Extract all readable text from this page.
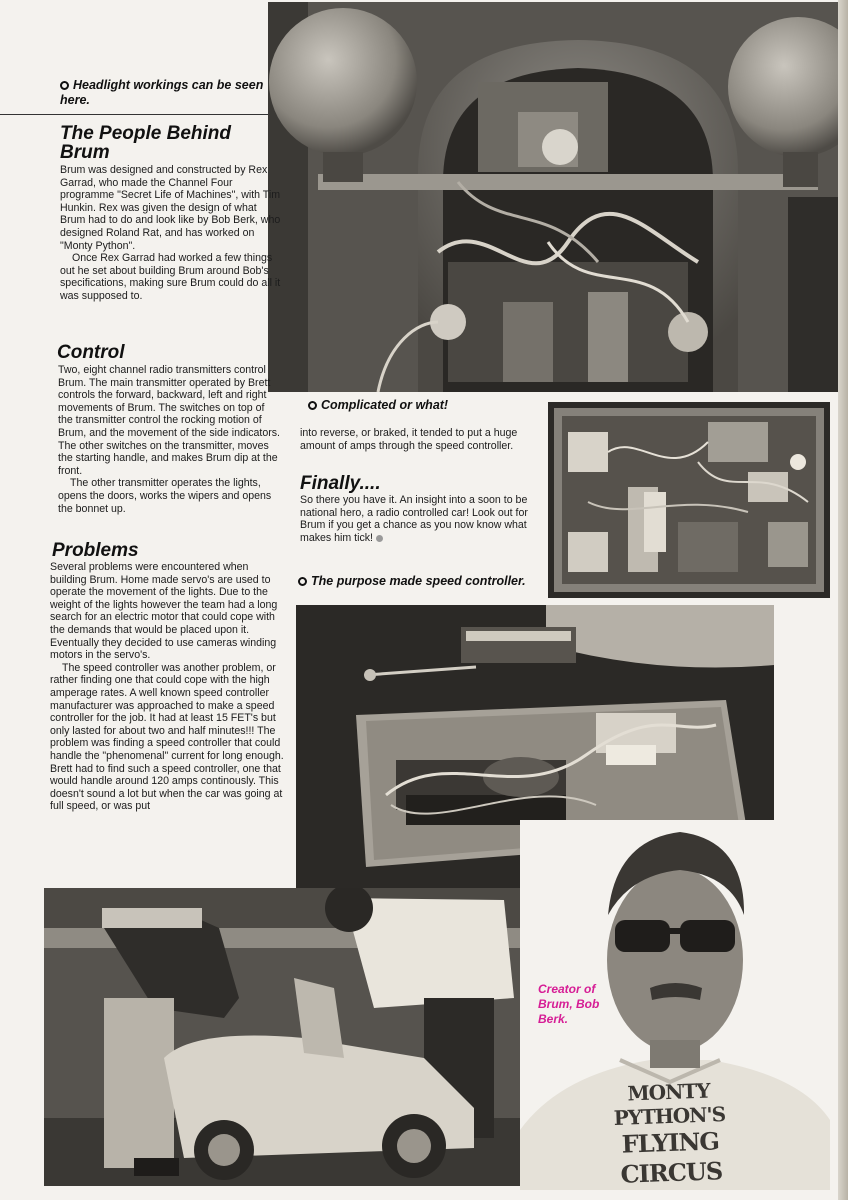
Headlight workings can be seen here.
The People Behind Brum

Brum was designed and constructed by Rex Garrad, who made the Channel Four programme "Secret Life of Machines", with Tim Hunkin. Rex was given the design of what Brum had to do and look like by Bob Berk, who designed Roland Rat, and has worked on "Monty Python".

Once Rex Garrad had worked a few things out he set about building Brum around Bob's specifications, making sure Brum could do all it was supposed to.

Control

Two, eight channel radio transmitters control Brum. The main transmitter operated by Brett controls the forward, backward, left and right movements of Brum. The switches on top of the transmitter control the rocking motion of Brum, and the movement of the side indicators. The other switches on the transmitter, moves the starting handle, and makes Brum dip at the front.

The other transmitter operates the lights, opens the doors, works the wipers and opens the bonnet up.

Problems

Several problems were encountered when building Brum. Home made servo's are used to operate the movement of the lights. Due to the weight of the lights however the team had a long search for an electric motor that could cope with the demands that would be placed upon it. Eventually they decided to use cameras winding motors in the servo's.

The speed controller was another problem, or rather finding one that could cope with the high amperage rates. A well known speed controller manufacturer was approached to make a speed controller for the job. It had at least 15 FET's but only lasted for about two and half minutes!!! The problem was finding a speed controller that could handle the "phenomenal" current for long enough. Brett had to find such a speed controller, one that would handle around 120 amps continously. This doesn't sound a lot but when the car was going at full speed, or was put

Complicated or what!

into reverse, or braked, it tended to put a huge amount of amps through the speed controller.

Finally....

So there you have it. An insight into a soon to be national hero, a radio controlled car! Look out for Brum if you get a chance as you now know what makes him tick!

The purpose made speed controller.
MONTY PYTHON'S
FLYING CIRCUS
Creator of Brum, Bob Berk.
